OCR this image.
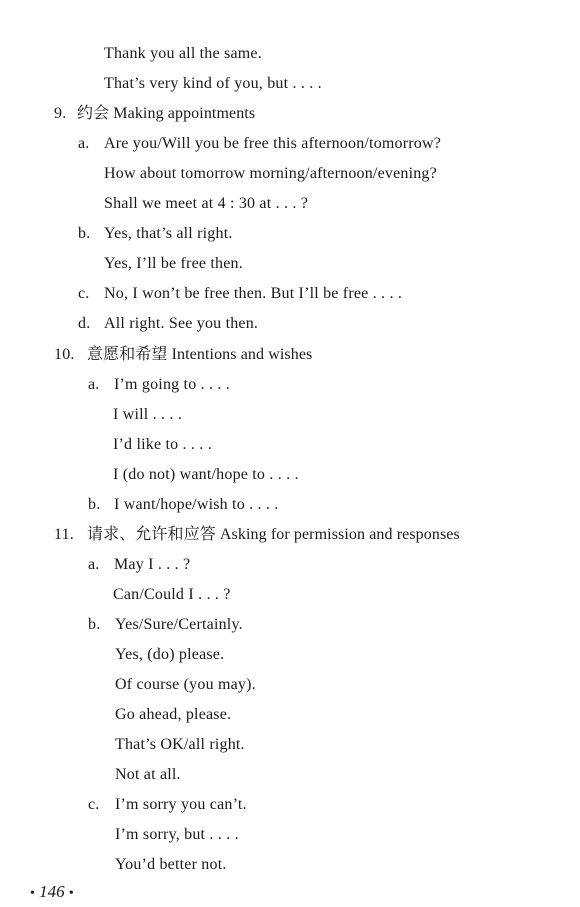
Thank you all the same.
That’s very kind of you, but . . . .
9. 约会 Making appointments
a. Are you/Will you be free this afternoon/tomorrow?
How about tomorrow morning/afternoon/evening?
Shall we meet at 4 : 30 at . . . ?
b. Yes, that’s all right.
Yes, I’ll be free then.
c. No, I won’t be free then. But I’ll be free . . . .
d. All right. See you then.
10. 意愿和希望 Intentions and wishes
a. I’m going to . . . .
I will . . . .
I’d like to . . . .
I (do not) want/hope to . . . .
b. I want/hope/wish to . . . .
11. 请求、允许和应答 Asking for permission and responses
a. May I . . . ?
Can/Could I . . . ?
b. Yes/Sure/Certainly.
Yes, (do) please.
Of course (you may).
Go ahead, please.
That’s OK/all right.
Not at all.
c. I’m sorry you can’t.
I’m sorry, but . . . .
You’d better not.
• 146 •
